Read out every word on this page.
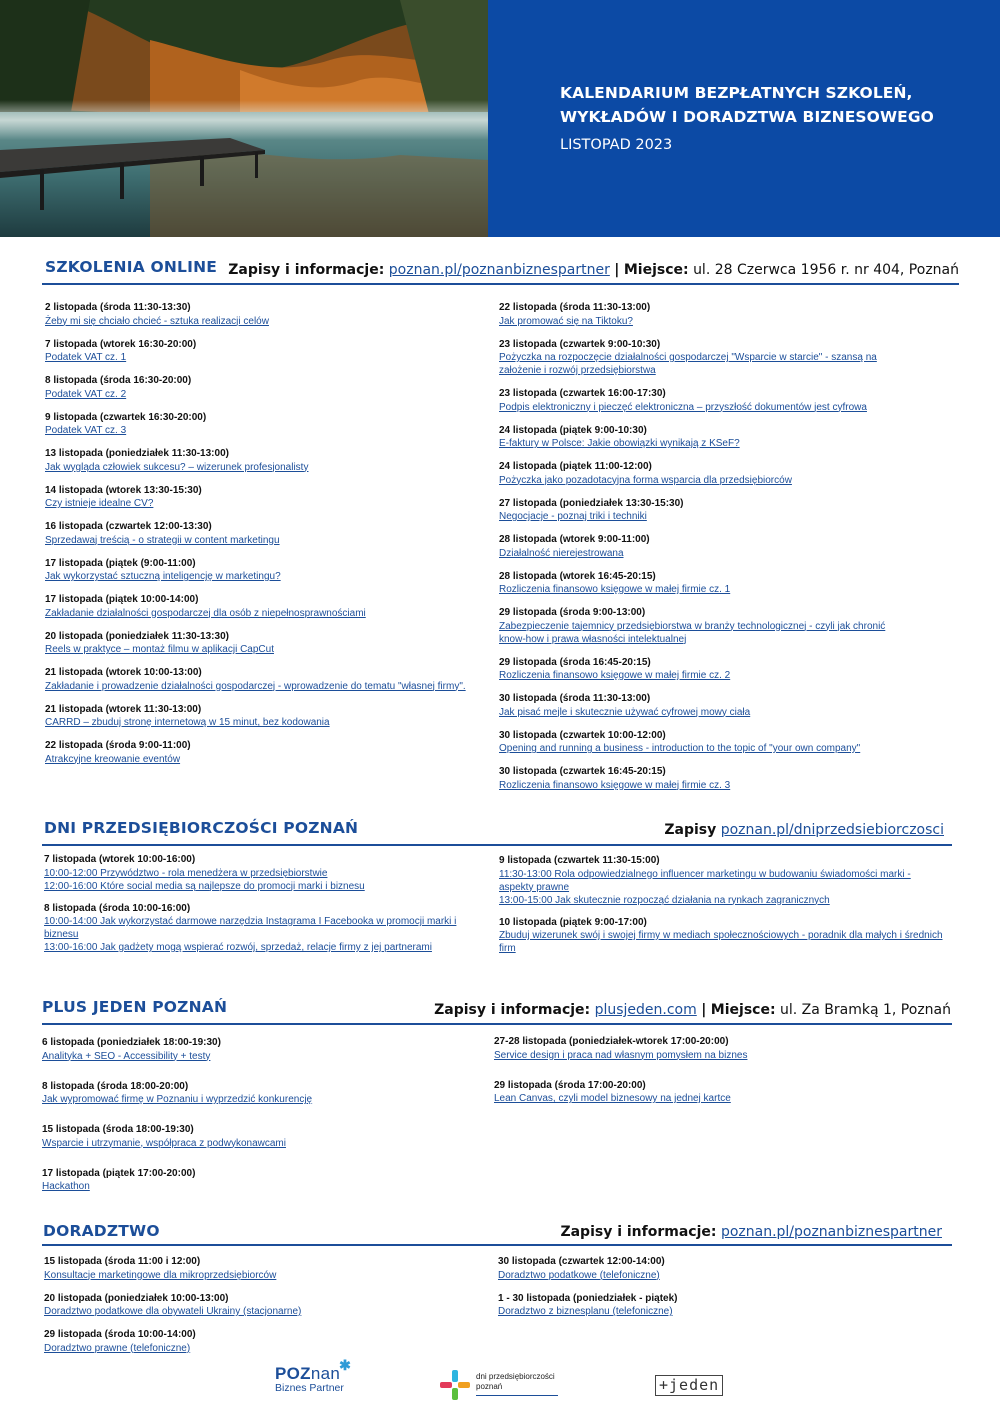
KALENDARIUM BEZPŁATNYCH SZKOLEŃ,
WYKŁADÓW I DORADZTWA BIZNESOWEGO
LISTOPAD 2023
SZKOLENIA ONLINE Zapisy i informacje: poznan.pl/poznanbiznespartner | Miejsce: ul. 28 Czerwca 1956 r. nr 404, Poznań
2 listopada (środa 11:30-13:30)
Żeby mi się chciało chcieć - sztuka realizacji celów
7 listopada (wtorek 16:30-20:00)
Podatek VAT cz. 1
8 listopada (środa 16:30-20:00)
Podatek VAT cz. 2
9 listopada (czwartek 16:30-20:00)
Podatek VAT cz. 3
13 listopada (poniedziałek 11:30-13:00)
Jak wygląda człowiek sukcesu? – wizerunek profesjonalisty
14 listopada (wtorek 13:30-15:30)
Czy istnieje idealne CV?
16 listopada (czwartek 12:00-13:30)
Sprzedawaj treścią - o strategii w content marketingu
17 listopada (piątek (9:00-11:00)
Jak wykorzystać sztuczną inteligencję w marketingu?
17 listopada (piątek 10:00-14:00)
Zakładanie działalności gospodarczej dla osób z niepełnosprawnościami
20 listopada (poniedziałek 11:30-13:30)
Reels w praktyce – montaż filmu w aplikacji CapCut
21 listopada (wtorek 10:00-13:00)
Zakładanie i prowadzenie działalności gospodarczej - wprowadzenie do tematu "własnej firmy".
21 listopada (wtorek 11:30-13:00)
CARRD – zbuduj stronę internetową w 15 minut, bez kodowania
22 listopada (środa 9:00-11:00)
Atrakcyjne kreowanie eventów
22 listopada (środa 11:30-13:00)
Jak promować się na Tiktoku?
23 listopada (czwartek 9:00-10:30)
Pożyczka na rozpoczęcie działalności gospodarczej "Wsparcie w starcie" - szansą na założenie i rozwój przedsiębiorstwa
23 listopada (czwartek 16:00-17:30)
Podpis elektroniczny i pieczęć elektroniczna – przyszłość dokumentów jest cyfrowa
24 listopada (piątek 9:00-10:30)
E-faktury w Polsce: Jakie obowiązki wynikają z KSeF?
24 listopada (piątek 11:00-12:00)
Pożyczka jako pozadotacyjna forma wsparcia dla przedsiębiorców
27 listopada (poniedziałek 13:30-15:30)
Negocjacje - poznaj triki i techniki
28 listopada (wtorek 9:00-11:00)
Działalność nierejestrowana
28 listopada (wtorek 16:45-20:15)
Rozliczenia finansowo księgowe w małej firmie cz. 1
29 listopada (środa 9:00-13:00)
Zabezpieczenie tajemnicy przedsiębiorstwa w branży technologicznej - czyli jak chronić know-how i prawa własności intelektualnej
29 listopada (środa 16:45-20:15)
Rozliczenia finansowo księgowe w małej firmie cz. 2
30 listopada (środa 11:30-13:00)
Jak pisać mejle i skutecznie używać cyfrowej mowy ciała
30 listopada (czwartek 10:00-12:00)
Opening and running a business - introduction to the topic of "your own company"
30 listopada (czwartek 16:45-20:15)
Rozliczenia finansowo księgowe w małej firmie cz. 3
DNI PRZEDSIĘBIORCZOŚCI POZNAŃ	Zapisy poznan.pl/dniprzedsiebiorczosci
7 listopada (wtorek 10:00-16:00)
10:00-12:00 Przywództwo - rola menedżera w przedsiębiorstwie
12:00-16:00 Które social media są najlepsze do promocji marki i biznesu
8 listopada (środa 10:00-16:00)
10:00-14:00 Jak wykorzystać darmowe narzędzia Instagrama I Facebooka w promocji marki i biznesu
13:00-16:00 Jak gadżety mogą wspierać rozwój, sprzedaż, relacje firmy z jej partnerami
9 listopada (czwartek 11:30-15:00)
11:30-13:00 Rola odpowiedzialnego influencer marketingu w budowaniu świadomości marki - aspekty prawne
13:00-15:00 Jak skutecznie rozpocząć działania na rynkach zagranicznych
10 listopada (piątek 9:00-17:00)
Zbuduj wizerunek swój i swojej firmy w mediach społecznościowych - poradnik dla małych i średnich firm
PLUS JEDEN POZNAŃ	Zapisy i informacje: plusjeden.com | Miejsce: ul. Za Bramką 1, Poznań
6 listopada (poniedziałek 18:00-19:30)
Analityka + SEO - Accessibility + testy
8 listopada (środa 18:00-20:00)
Jak wypromować firmę w Poznaniu i wyprzedzić konkurencję
15 listopada (środa 18:00-19:30)
Wsparcie i utrzymanie, współpraca z podwykonawcami
17 listopada (piątek 17:00-20:00)
Hackathon
27-28 listopada (poniedziałek-wtorek 17:00-20:00)
Service design i praca nad własnym pomysłem na biznes
29 listopada (środa 17:00-20:00)
Lean Canvas, czyli model biznesowy na jednej kartce
DORADZTWO	Zapisy i informacje: poznan.pl/poznanbiznespartner
15 listopada (środa 11:00 i 12:00)
Konsultacje marketingowe dla mikroprzedsiębiorców
20 listopada (poniedziałek 10:00-13:00)
Doradztwo podatkowe dla obywateli Ukrainy (stacjonarne)
29 listopada (środa 10:00-14:00)
Doradztwo prawne (telefoniczne)
30 listopada (czwartek 12:00-14:00)
Doradztwo podatkowe (telefoniczne)
1 - 30 listopada (poniedziałek - piątek)
Doradztwo z biznesplanu (telefoniczne)
POZnan✱
Biznes Partner
dni przedsiębiorczości
poznań	+jeden
